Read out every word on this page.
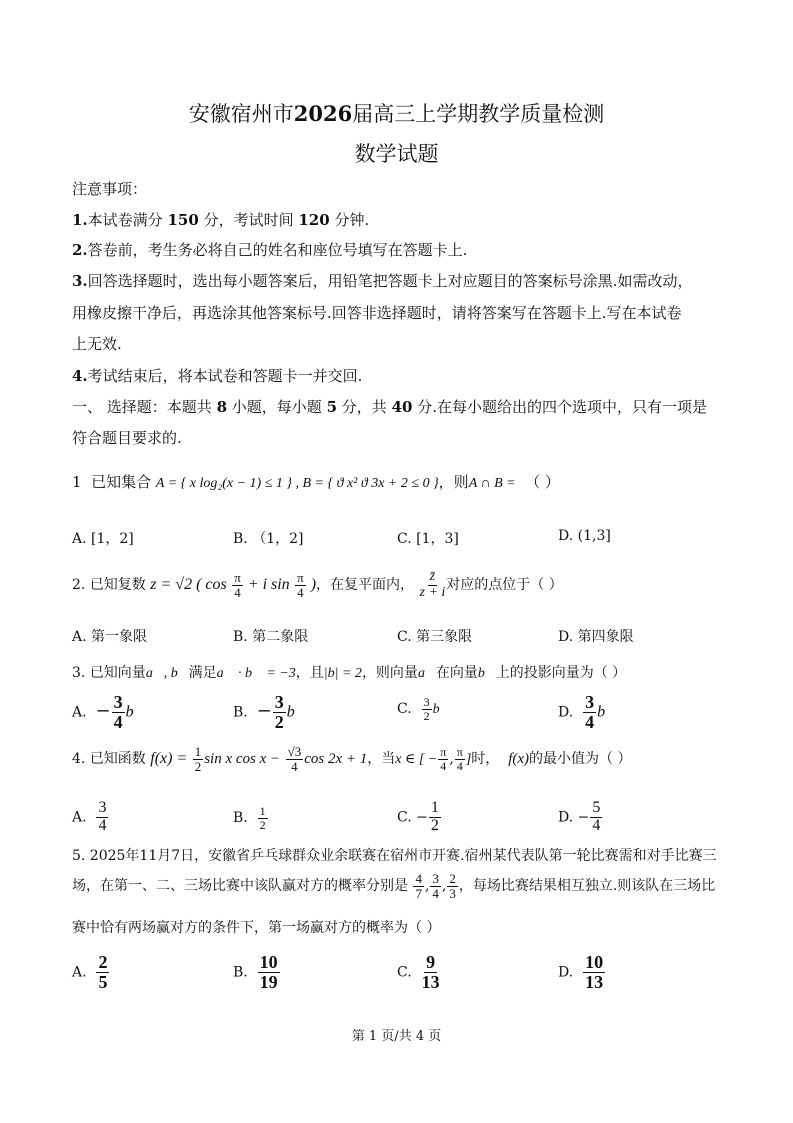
安徽宿州市2026届高三上学期教学质量检测
数学试题
注意事项：
1.本试卷满分 150 分，考试时间 120 分钟.
2.答卷前，考生务必将自己的姓名和座位号填写在答题卡上.
3.回答选择题时，选出每小题答案后，用铅笔把答题卡上对应题目的答案标号涂黑.如需改动，
用橡皮擦干净后，再选涂其他答案标号.回答非选择题时，请将答案写在答题卡上.写在本试卷
上无效.
4.考试结束后，将本试卷和答题卡一并交回.
一、 选择题：本题共 8 小题，每小题 5 分，共 40 分.在每小题给出的四个选项中，只有一项是
符合题目要求的.
1 已知集合 A = { x log₂(x − 1) ≤ 1 } , B = { ϑ x² ϑ 3x + 2 ≤ 0 }，则A ∩ B = （ ）
A. [1，2]	B. （1，2]	C. [1，3]	D. (1,3]
2. 已知复数 z = √2 ( $\cos \frac{\pi}{4} + i$ $\sin \frac{\pi}{4}$ )，在复平面内， $\frac{z̄}{z + i}$ 对应的点位于（ ）
A. 第一象限	B. 第二象限	C. 第三象限	D. 第四象限
3. 已知向量a⃗, b⃗满足a⃗ · b⃗ = −3，且|b| = 2，则向量a⃗在向量b⃗上的投影向量为（ ）
A. − $\frac{3}{4}$ b⃗	B. − $\frac{3}{2}$ b⃗	C. $\frac{3}{2}$ b⃗	D. $\frac{3}{4}$ b⃗
4. 已知函数 $f(x) = \frac{1}{2}$ sin x $\cos x - \frac{√3}{4}$ cos 2x + 1，当x ∈ [ − $\frac{\pi}{4}$ , $\frac{\pi}{4}$ ]时， f(x)的最小值为（ ）
A. $\frac{3}{4}$	B. $\frac{1}{2}$	C. − $\frac{1}{2}$	D. − $\frac{5}{4}$
5. 2025年11月7日，安徽省乒乓球群众业余联赛在宿州市开赛.宿州某代表队第一轮比赛需和对手比赛三
场，在第一、二、三场比赛中该队赢对方的概率分别是 $\frac{4}{7}$ , $\frac{3}{4}$ , $\frac{2}{3}$ ，每场比赛结果相互独立.则该队在三场比
赛中恰有两场赢对方的条件下，第一场赢对方的概率为（ ）
A. $\frac{2}{5}$	B. $\frac{10}{19}$	C. $\frac{9}{13}$	D. $\frac{10}{13}$
第 1 页/共 4 页
